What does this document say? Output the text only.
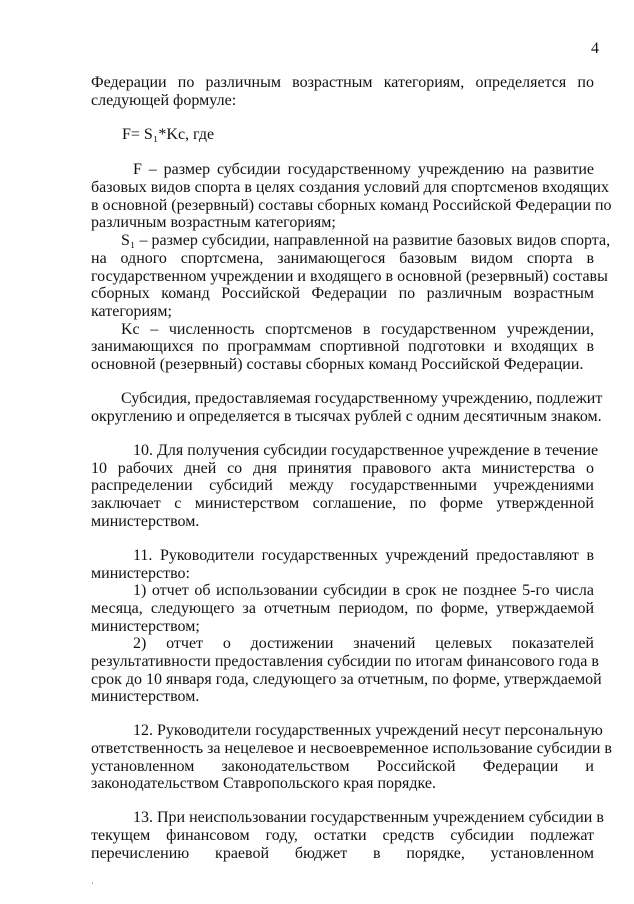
4
Федерации по различным возрастным категориям, определяется по
следующей формуле:
F= S₁*Kс, где
F – размер субсидии государственному учреждению на развитие
базовых видов спорта в целях создания условий для спортсменов входящих
в основной (резервный) составы сборных команд Российской Федерации по
различным возрастным категориям;
S₁ – размер субсидии, направленной на развитие базовых видов спорта,
на одного спортсмена, занимающегося базовым видом спорта в
государственном учреждении и входящего в основной (резервный) составы
сборных команд Российской Федерации по различным возрастным
категориям;
Kс – численность спортсменов в государственном учреждении,
занимающихся по программам спортивной подготовки и входящих в
основной (резервный) составы сборных команд Российской Федерации.
Субсидия, предоставляемая государственному учреждению, подлежит
округлению и определяется в тысячах рублей с одним десятичным знаком.
10. Для получения субсидии государственное учреждение в течение
10 рабочих дней со дня принятия правового акта министерства о
распределении субсидий между государственными учреждениями
заключает с министерством соглашение, по форме утвержденной
министерством.
11. Руководители государственных учреждений предоставляют в
министерство:
1) отчет об использовании субсидии в срок не позднее 5-го числа
месяца, следующего за отчетным периодом, по форме, утверждаемой
министерством;
2) отчет о достижении значений целевых показателей
результативности предоставления субсидии по итогам финансового года в
срок до 10 января года, следующего за отчетным, по форме, утверждаемой
министерством.
12. Руководители государственных учреждений несут персональную
ответственность за нецелевое и несвоевременное использование субсидии в
установленном законодательством Российской Федерации и
законодательством Ставропольского края порядке.
13. При неиспользовании государственным учреждением субсидии в
текущем финансовом году, остатки средств субсидии подлежат
перечислению краевой бюджет в порядке, установленном
